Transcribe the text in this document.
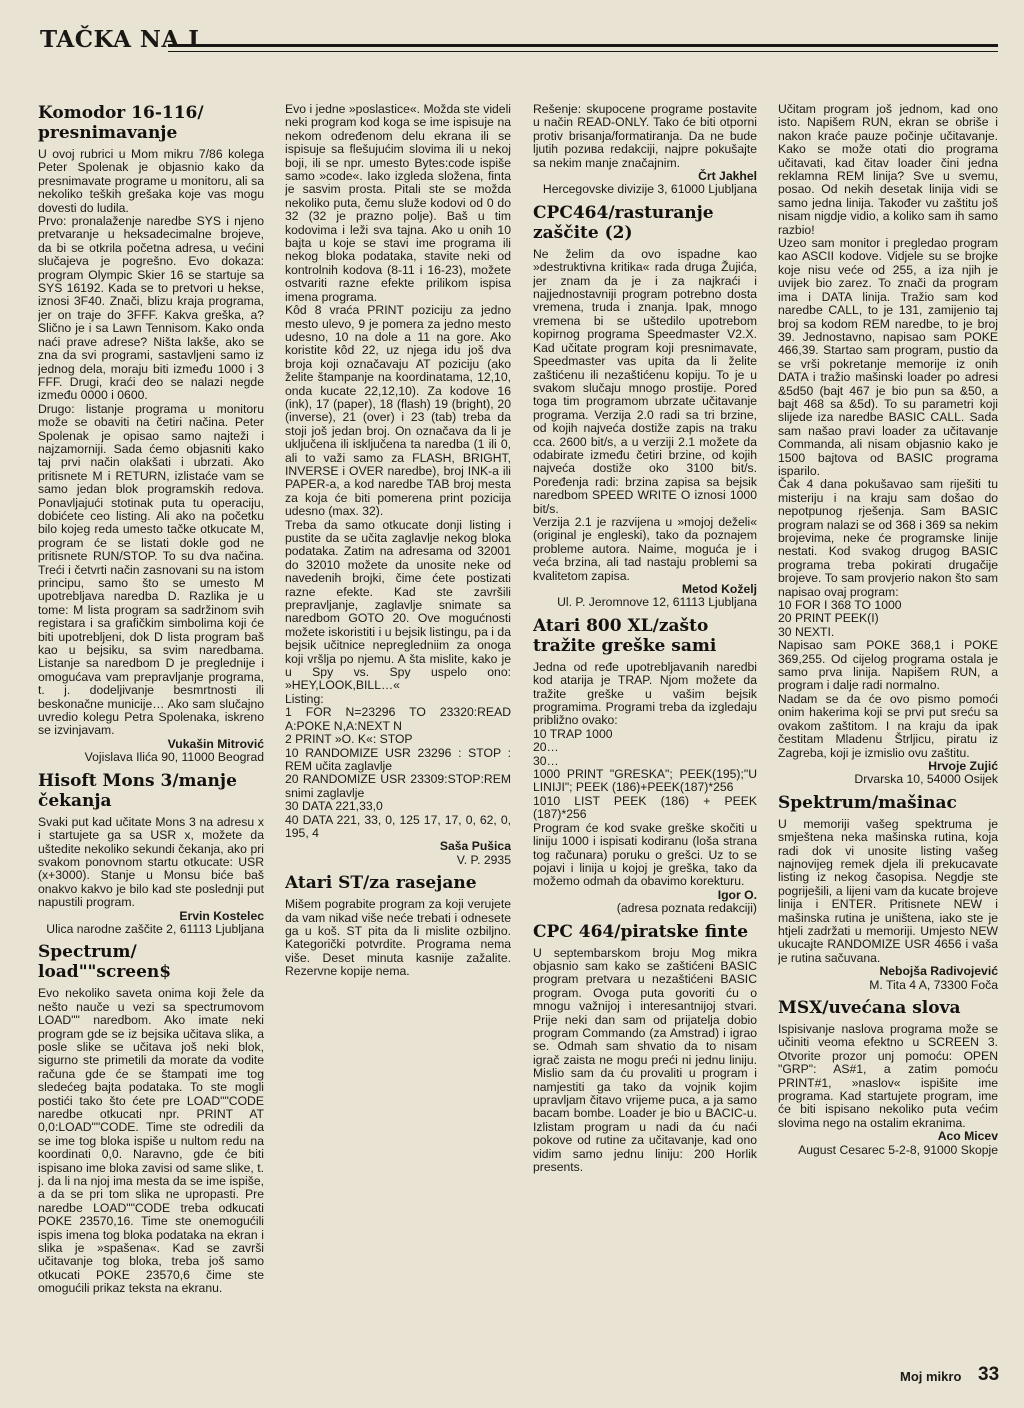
TAČKA NA I
Komodor 16-116/ presnimavanje

U ovoj rubrici u Mom mikru 7/86 kolega Peter Spolenak je objasnio kako da presnimavate programe u monitoru, ali sa nekoliko teških grešaka koje vas mogu dovesti do ludila.

Prvo: pronalaženje naredbe SYS i njeno pretvaranje u heksadecimalne brojeve, da bi se otkrila početna adresa, u većini slučajeva je pogrešno. Evo dokaza: program Olympic Skier 16 se startuje sa SYS 16192. Kada se to pretvori u hekse, iznosi 3F40. Znači, blizu kraja programa, jer on traje do 3FFF. Kakva greška, a? Slično je i sa Lawn Tennisom. Kako onda naći prave adrese? Ništa lakše, ako se zna da svi programi, sastavljeni samo iz jednog dela, moraju biti između 1000 i 3 FFF. Drugi, kraći deo se nalazi negde između 0000 i 0600.

Drugo: listanje programa u monitoru može se obaviti na četiri načina. Peter Spolenak je opisao samo najteži i najzamorniji. Sada ćemo objasniti kako taj prvi način olakšati i ubrzati. Ako pritisnete M i RETURN, izlistaće vam se samo jedan blok programskih redova. Ponavljajući stotinak puta tu operaciju, dobićete ceo listing. Ali ako na početku bilo kojeg reda umesto tačke otkucate M, program će se listati dokle god ne pritisnete RUN/STOP. To su dva načina. Treći i četvrti način zasnovani su na istom principu, samo što se umesto M upotrebljava naredba D. Razlika je u tome: M lista program sa sadržinom svih registara i sa grafičkim simbolima koji će biti upotrebljeni, dok D lista program baš kao u bejsiku, sa svim naredbama. Listanje sa naredbom D je preglednije i omogućava vam prepravljanje programa, t. j. dodeljivanje besmrtnosti ili beskonačne municije… Ako sam slučajno uvredio kolegu Petra Spolenaka, iskreno se izvinjavam.

Vukašin Mitrović

Vojislava Ilića 90, 11000 Beograd

Hisoft Mons 3/manje čekanja

Svaki put kad učitate Mons 3 na adresu x i startujete ga sa USR x, možete da uštedite nekoliko sekundi čekanja, ako pri svakom ponovnom startu otkucate: USR (x+3000). Stanje u Monsu biće baš onakvo kakvo je bilo kad ste poslednji put napustili program.

Ervin Kostelec

Ulica narodne zaščite 2, 61113 Ljubljana

Spectrum/ load""screen$

Evo nekoliko saveta onima koji žele da nešto nauče u vezi sa spectrumovom LOAD"" naredbom. Ako imate neki program gde se iz bejsika učitava slika, a posle slike se učitava još neki blok, sigurno ste primetili da morate da vodite računa gde će se štampati ime tog sledećeg bajta podataka. To ste mogli postići tako što ćete pre LOAD""CODE naredbe otkucati npr. PRINT AT 0,0:LOAD""CODE. Time ste odredili da se ime tog bloka ispiše u nultom redu na koordinati 0,0. Naravno, gde će biti ispisano ime bloka zavisi od same slike, t. j. da li na njoj ima mesta da se ime ispiše, a da se pri tom slika ne upropasti. Pre naredbe LOAD""CODE treba odkucati POKE 23570,16. Time ste onemogućili ispis imena tog bloka podataka na ekran i slika je »spašena«. Kad se završi učitavanje tog bloka, treba još samo otkucati POKE 23570,6 čime ste omogućili prikaz teksta na ekranu.

Evo i jedne »poslastice«. Možda ste videli neki program kod koga se ime ispisuje na nekom određenom delu ekrana ili se ispisuje sa flešujućim slovima ili u nekoj boji, ili se npr. umesto Bytes:code ispiše samo »code«. Iako izgleda složena, finta je sasvim prosta. Pitali ste se možda nekoliko puta, čemu služe kodovi od 0 do 32 (32 je prazno polje). Baš u tim kodovima i leži sva tajna. Ako u onih 10 bajta u koje se stavi ime programa ili nekog bloka podataka, stavite neki od kontrolnih kodova (8-11 i 16-23), možete ostvariti razne efekte prilikom ispisa imena programa.

Kôd 8 vraća PRINT poziciju za jedno mesto ulevo, 9 je pomera za jedno mesto udesno, 10 na dole a 11 na gore. Ako koristite kôd 22, uz njega idu još dva broja koji označavaju AT poziciju (ako želite štampanje na koordinatama, 12,10, onda kucate 22,12,10). Za kodove 16 (ink), 17 (paper), 18 (flash) 19 (bright), 20 (inverse), 21 (over) i 23 (tab) treba da stoji još jedan broj. On označava da li je uključena ili isključena ta naredba (1 ili 0, ali to važi samo za FLASH, BRIGHT, INVERSE i OVER naredbe), broj INK-a ili PAPER-a, a kod naredbe TAB broj mesta za koja će biti pomerena print pozicija udesno (max. 32).

Treba da samo otkucate donji listing i pustite da se učita zaglavlje nekog bloka podataka. Zatim na adresama od 32001 do 32010 možete da unosite neke od navedenih brojki, čime ćete postizati razne efekte. Kad ste završili prepravljanje, zaglavlje snimate sa naredbom GOTO 20. Ove mogućnosti možete iskoristiti i u bejsik listingu, pa i da bejsik učitnice nepregledniim za onoga koji vršlja po njemu. A šta mislite, kako je u Spy vs. Spy uspelo ono: »HEY,LOOK,BILL…«

Listing:

1 FOR N=23296 TO 23320:READ A:POKE N,A:NEXT N

2 PRINT »O. K«: STOP

10 RANDOMIZE USR 23296 : STOP : REM učita zaglavlje

20 RANDOMIZE USR 23309:STOP:REM snimi zaglavlje

30 DATA 221,33,0

40 DATA 221, 33, 0, 125 17, 17, 0, 62, 0, 195, 4

Saša Pušica

V. P. 2935

Atari ST/za rasejane

Mišem pograbite program za koji verujete da vam nikad više neće trebati i odnesete ga u koš. ST pita da li mislite ozbiljno. Kategorički potvrdite. Programa nema više. Deset minuta kasnije zažalite. Rezervne kopije nema.

Rešenje: skupocene programe postavite u način READ-ONLY. Tako će biti otporni protiv brisanja/formatiranja. Da ne bude ljutih pozива redakciji, najpre pokušajte sa nekim manje značajnim.

Črt Jakhel

Hercegovske divizije 3, 61000 Ljubljana

CPC464/rasturanje zaščite (2)

Ne želim da ovo ispadne kao »destruktivna kritika« rada druga Žujića, jer znam da je i za najkraći i najjednostavniji program potrebno dosta vremena, truda i znanja. Ipak, mnogo vremena bi se uštedilo upotrebom kopirnog programa Speedmaster V2.X. Kad učitate program koji presnimavate, Speedmaster vas upita da li želite zaštićenu ili nezaštićenu kopiju. To je u svakom slučaju mnogo prostije. Pored toga tim programom ubrzate učitavanje programa. Verzija 2.0 radi sa tri brzine, od kojih najveća dostiže zapis na traku cca. 2600 bit/s, a u verziji 2.1 možete da odabirate između četiri brzine, od kojih najveća dostiže oko 3100 bit/s. Poređenja radi: brzina zapisa sa bejsik naredbom SPEED WRITE O iznosi 1000 bit/s.

Verzija 2.1 je razvijena u »mojoj deželi« (original je engleski), tako da poznajem probleme autora. Naime, moguća je i veća brzina, ali tad nastaju problemi sa kvalitetom zapisa.

Metod Koželj

Ul. P. Jeromnove 12, 61113 Ljubljana

Atari 800 XL/zašto tražite greške sami

Jedna od ređe upotrebljavanih naredbi kod atarija je TRAP. Njom možete da tražite greške u vašim bejsik programima. Programi treba da izgledaju približno ovako:

10 TRAP 1000

20…

30…

1000 PRINT "GRESKA"; PEEK(195);"U LINIJI"; PEEK (186)+PEEK(187)*256

1010 LIST PEEK (186) + PEEK (187)*256

Program će kod svake greške skočiti u liniju 1000 i ispisati kodiranu (loša strana tog računara) poruku o grešci. Uz to se pojavi i linija u kojoj je greška, tako da možemo odmah da obavimo korekturu.

Igor O.

(adresa poznata redakciji)

CPC 464/piratske finte

U septembarskom broju Mog mikra objasnio sam kako se zaštićeni BASIC program pretvara u nezaštićeni BASIC program. Ovoga puta govoriti ću o mnogu važnijoj i interesantnijoj stvari. Prije neki dan sam od prijatelja dobio program Commando (za Amstrad) i igrao se. Odmah sam shvatio da to nisam igrač zaista ne mogu preći ni jednu liniju. Mislio sam da ću provaliti u program i namjestiti ga tako da vojnik kojim upravljam čitavo vrijeme puca, a ja samo bacam bombe. Loader je bio u BACIC-u. Izlistam program u nadi da ću naći pokove od rutine za učitavanje, kad ono vidim samo jednu liniju: 200 Horlik presents.

Učitam program još jednom, kad ono isto. Napišem RUN, ekran se obriše i nakon kraće pauze počinje učitavanje. Kako se može otati dio programa učitavati, kad čitav loader čini jedna reklamna REM linija? Sve u svemu, posao. Od nekih desetak linija vidi se samo jedna linija. Također vu zaštitu još nisam nigdje vidio, a koliko sam ih samo razbio!

Uzeo sam monitor i pregledao program kao ASCII kodove. Vidjele su se brojke koje nisu veće od 255, a iza njih je uvijek bio zarez. To znači da program ima i DATA linija. Tražio sam kod naredbe CALL, to je 131, zamijenio taj broj sa kodom REM naredbe, to je broj 39. Jednostavno, napisao sam POKE 466,39. Startao sam program, pustio da se vrši pokretanje memorije iz onih DATA i tražio mašinski loader po adresi &5d50 (bajt 467 je bio pun sa &50, a bajt 468 sa &5d). To su parametri koji slijede iza naredbe BASIC CALL. Sada sam našao pravi loader za učitavanje Commanda, ali nisam objasnio kako je 1500 bajtova od BASIC programa isparilo.

Čak 4 dana pokušavao sam riješiti tu misteriju i na kraju sam došao do nepotpunog rješenja. Sam BASIC program nalazi se od 368 i 369 sa nekim brojevima, neke će programske linije nestati. Kod svakog drugog BASIC programa treba pokirati drugačije brojeve. To sam provjerio nakon što sam napisao ovaj program:

10 FOR I 368 TO 1000

20 PRINT PEEK(I)

30 NEXTI.

Napisao sam POKE 368,1 i POKE 369,255. Od cijelog programa ostala je samo prva linija. Napišem RUN, a program i dalje radi normalno.

Nadam se da će ovo pismo pomoći onim hakerima koji se prvi put sreću sa ovakom zaštitom. I na kraju da ipak čestitam Mladenu Štrljicu, piratu iz Zagreba, koji je izmislio ovu zaštitu.

Hrvoje Zujić

Drvarska 10, 54000 Osijek

Spektrum/mašinac

U memoriji vašeg spektruma je smještena neka mašinska rutina, koja radi dok vi unosite listing vašeg najnovijeg remek djela ili prekucavate listing iz nekog časopisa. Negdje ste pogriješili, a lijeni vam da kucate brojeve linija i ENTER. Pritisnete NEW i mašinska rutina je uništena, iako ste je htjeli zadržati u memoriji. Umjesto NEW ukucajte RANDOMIZE USR 4656 i vaša je rutina sačuvana.

Nebojša Radivojević

M. Tita 4 A, 73300 Foča

MSX/uvećana slova

Ispisivanje naslova programa može se učiniti veoma efektno u SCREEN 3. Otvorite prozor unj pomoću: OPEN "GRP": AS#1, a zatim pomoću PRINT#1, »naslov« ispišite ime programa. Kad startujete program, ime će biti ispisano nekoliko puta većim slovima nego na ostalim ekranima.

Aco Micev

August Cesarec 5-2-8, 91000 Skopje

Moj mikro 33
